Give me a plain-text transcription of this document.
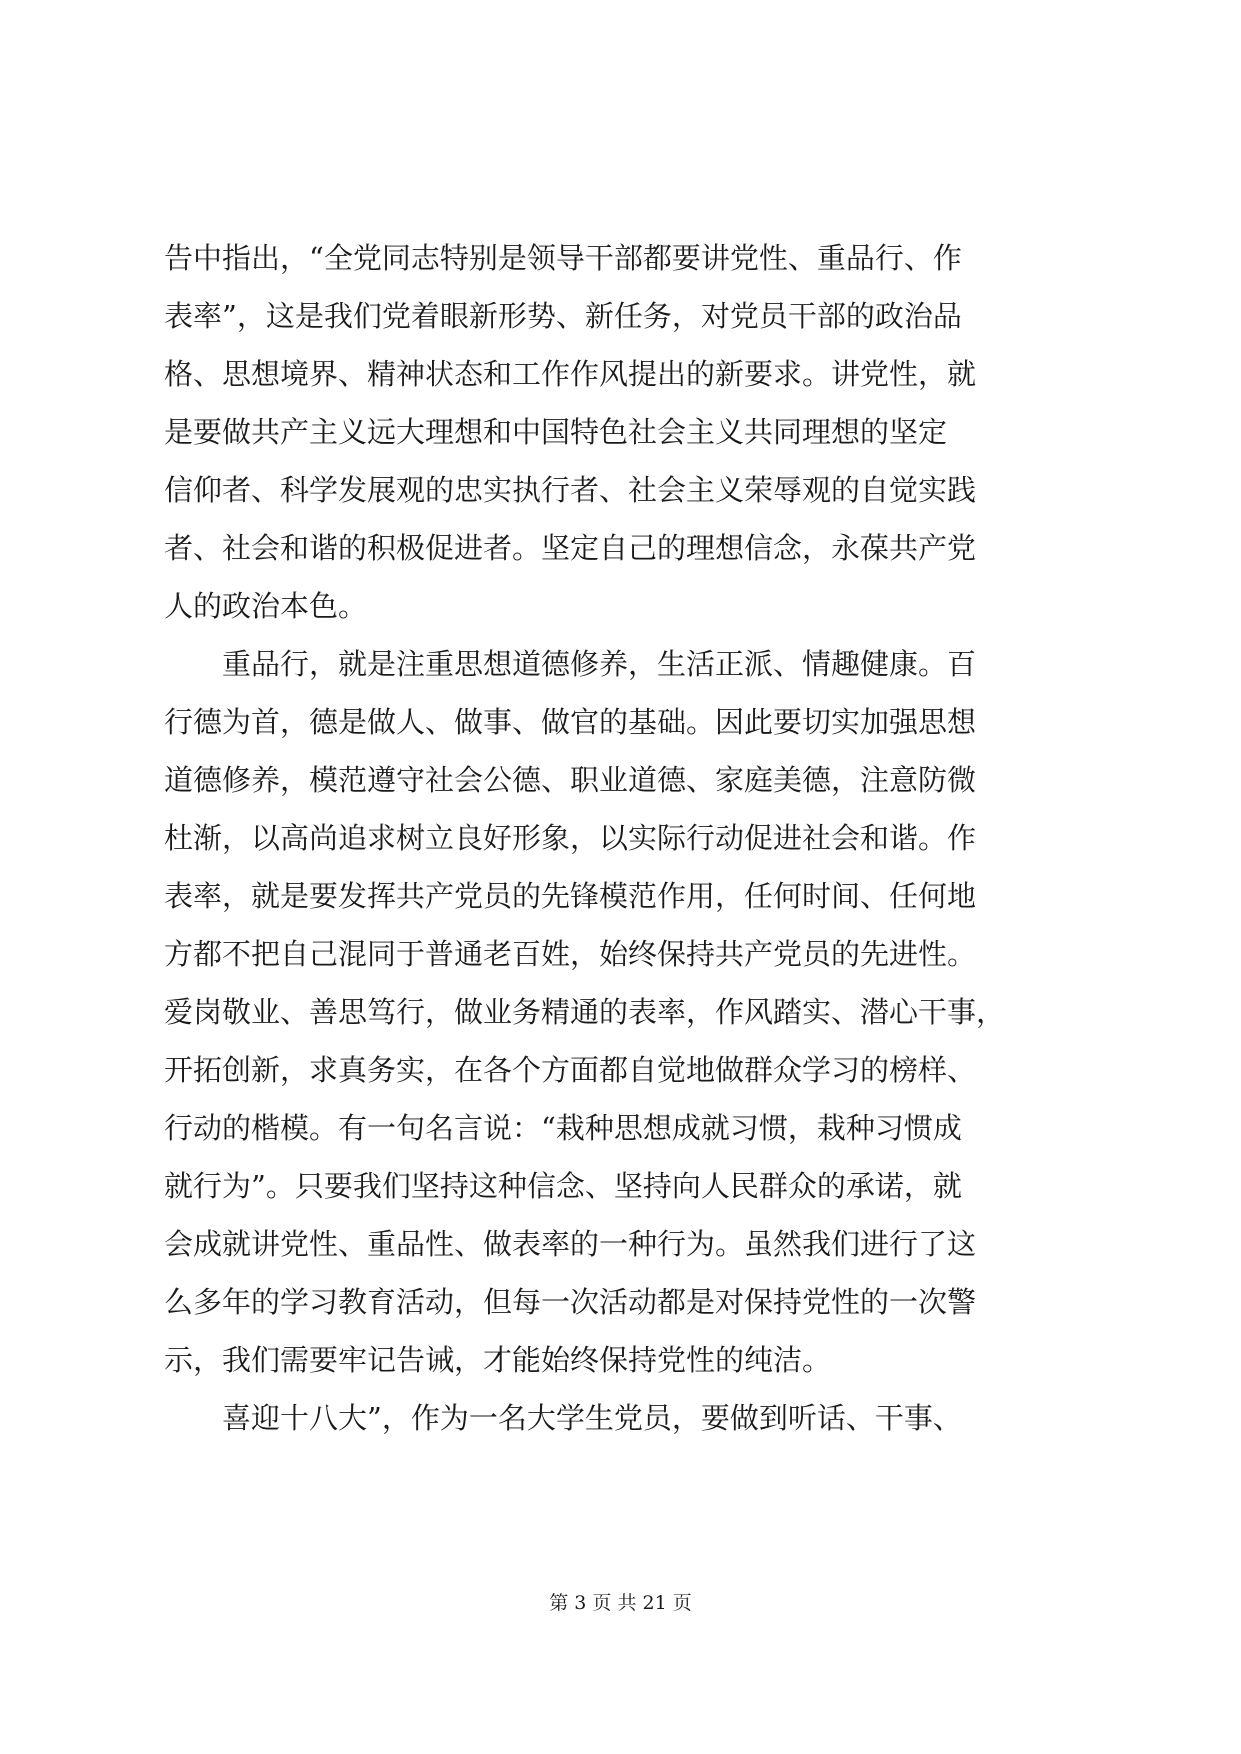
告中指出，“全党同志特别是领导干部都要讲党性、重品行、作
表率”，这是我们党着眼新形势、新任务，对党员干部的政治品
格、思想境界、精神状态和工作作风提出的新要求。讲党性，就
是要做共产主义远大理想和中国特色社会主义共同理想的坚定
信仰者、科学发展观的忠实执行者、社会主义荣辱观的自觉实践
者、社会和谐的积极促进者。坚定自己的理想信念，永葆共产党
人的政治本色。
　　重品行，就是注重思想道德修养，生活正派、情趣健康。百
行德为首，德是做人、做事、做官的基础。因此要切实加强思想
道德修养，模范遵守社会公德、职业道德、家庭美德，注意防微
杜渐，以高尚追求树立良好形象，以实际行动促进社会和谐。作
表率，就是要发挥共产党员的先锋模范作用，任何时间、任何地
方都不把自己混同于普通老百姓，始终保持共产党员的先进性。
爱岗敬业、善思笃行，做业务精通的表率，作风踏实、潜心干事，
开拓创新，求真务实，在各个方面都自觉地做群众学习的榜样、
行动的楷模。有一句名言说：“栽种思想成就习惯，栽种习惯成
就行为”。只要我们坚持这种信念、坚持向人民群众的承诺，就
会成就讲党性、重品性、做表率的一种行为。虽然我们进行了这
么多年的学习教育活动，但每一次活动都是对保持党性的一次警
示，我们需要牢记告诫，才能始终保持党性的纯洁。
　　喜迎十八大”，作为一名大学生党员，要做到听话、干事、
第 3 页 共 21 页
